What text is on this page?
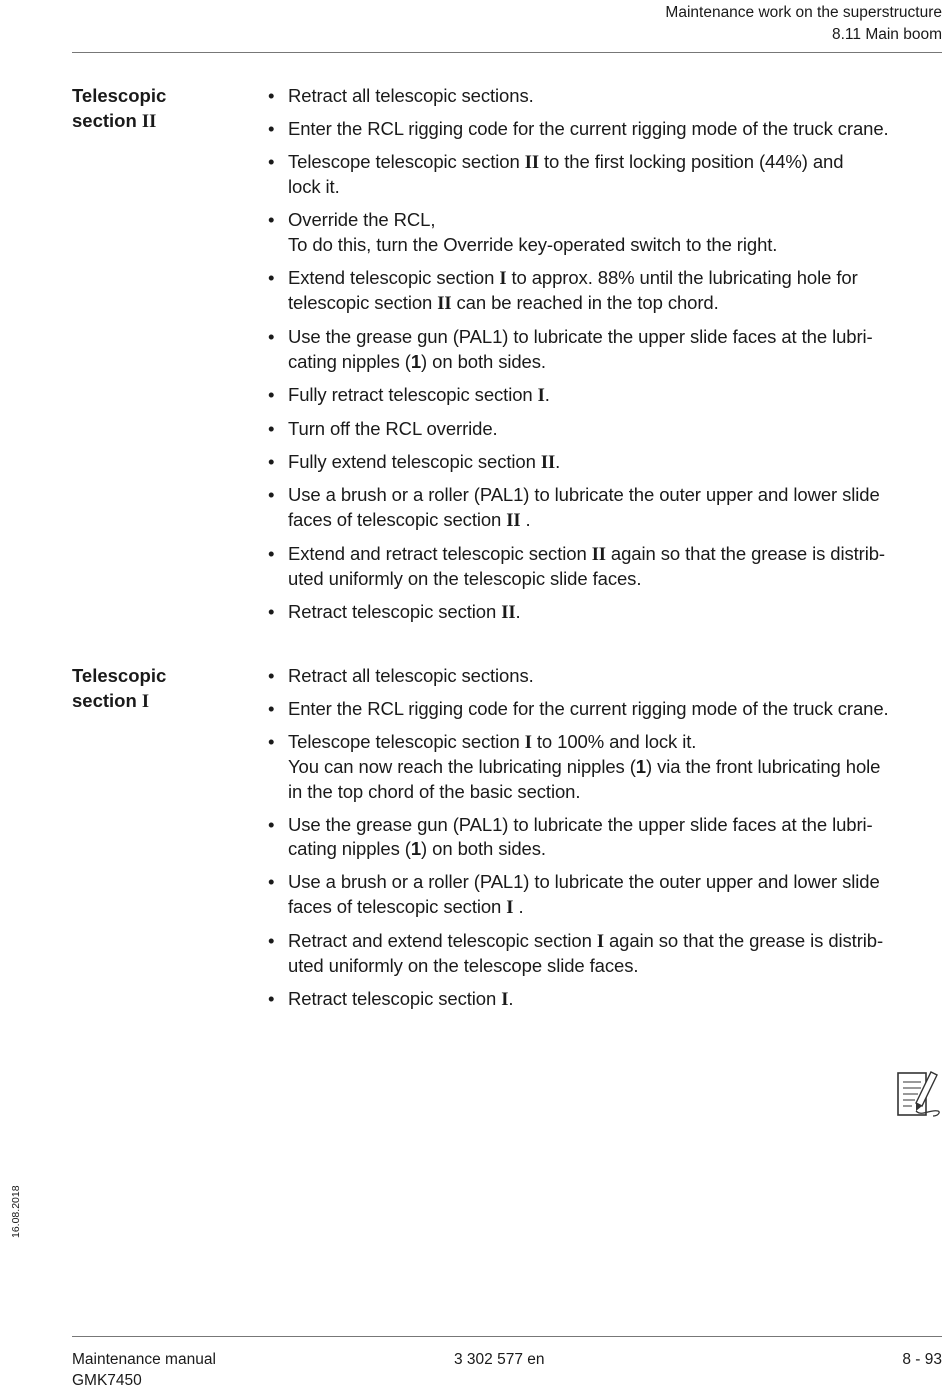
Maintenance work on the superstructure
8.11 Main boom
Telescopic
section II
• Retract all telescopic sections.
• Enter the RCL rigging code for the current rigging mode of the truck crane.
• Telescope telescopic section II to the first locking position (44%) and
lock it.
• Override the RCL,
To do this, turn the Override key-operated switch to the right.
• Extend telescopic section I to approx. 88% until the lubricating hole for
telescopic section II can be reached in the top chord.
• Use the grease gun (PAL1) to lubricate the upper slide faces at the lubri-
cating nipples (1) on both sides.
• Fully retract telescopic section I.
• Turn off the RCL override.
• Fully extend telescopic section II.
• Use a brush or a roller (PAL1) to lubricate the outer upper and lower slide
faces of telescopic section II .
• Extend and retract telescopic section II again so that the grease is distrib-
uted uniformly on the telescopic slide faces.
• Retract telescopic section II.
Telescopic
section I
• Retract all telescopic sections.
• Enter the RCL rigging code for the current rigging mode of the truck crane.
• Telescope telescopic section I to 100% and lock it.
You can now reach the lubricating nipples (1) via the front lubricating hole
in the top chord of the basic section.
• Use the grease gun (PAL1) to lubricate the upper slide faces at the lubri-
cating nipples (1) on both sides.
• Use a brush or a roller (PAL1) to lubricate the outer upper and lower slide
faces of telescopic section I .
• Retract and extend telescopic section I again so that the grease is distrib-
uted uniformly on the telescope slide faces.
• Retract telescopic section I.
16.08.2018
Maintenance manual
GMK7450
3 302 577 en	8 - 93
